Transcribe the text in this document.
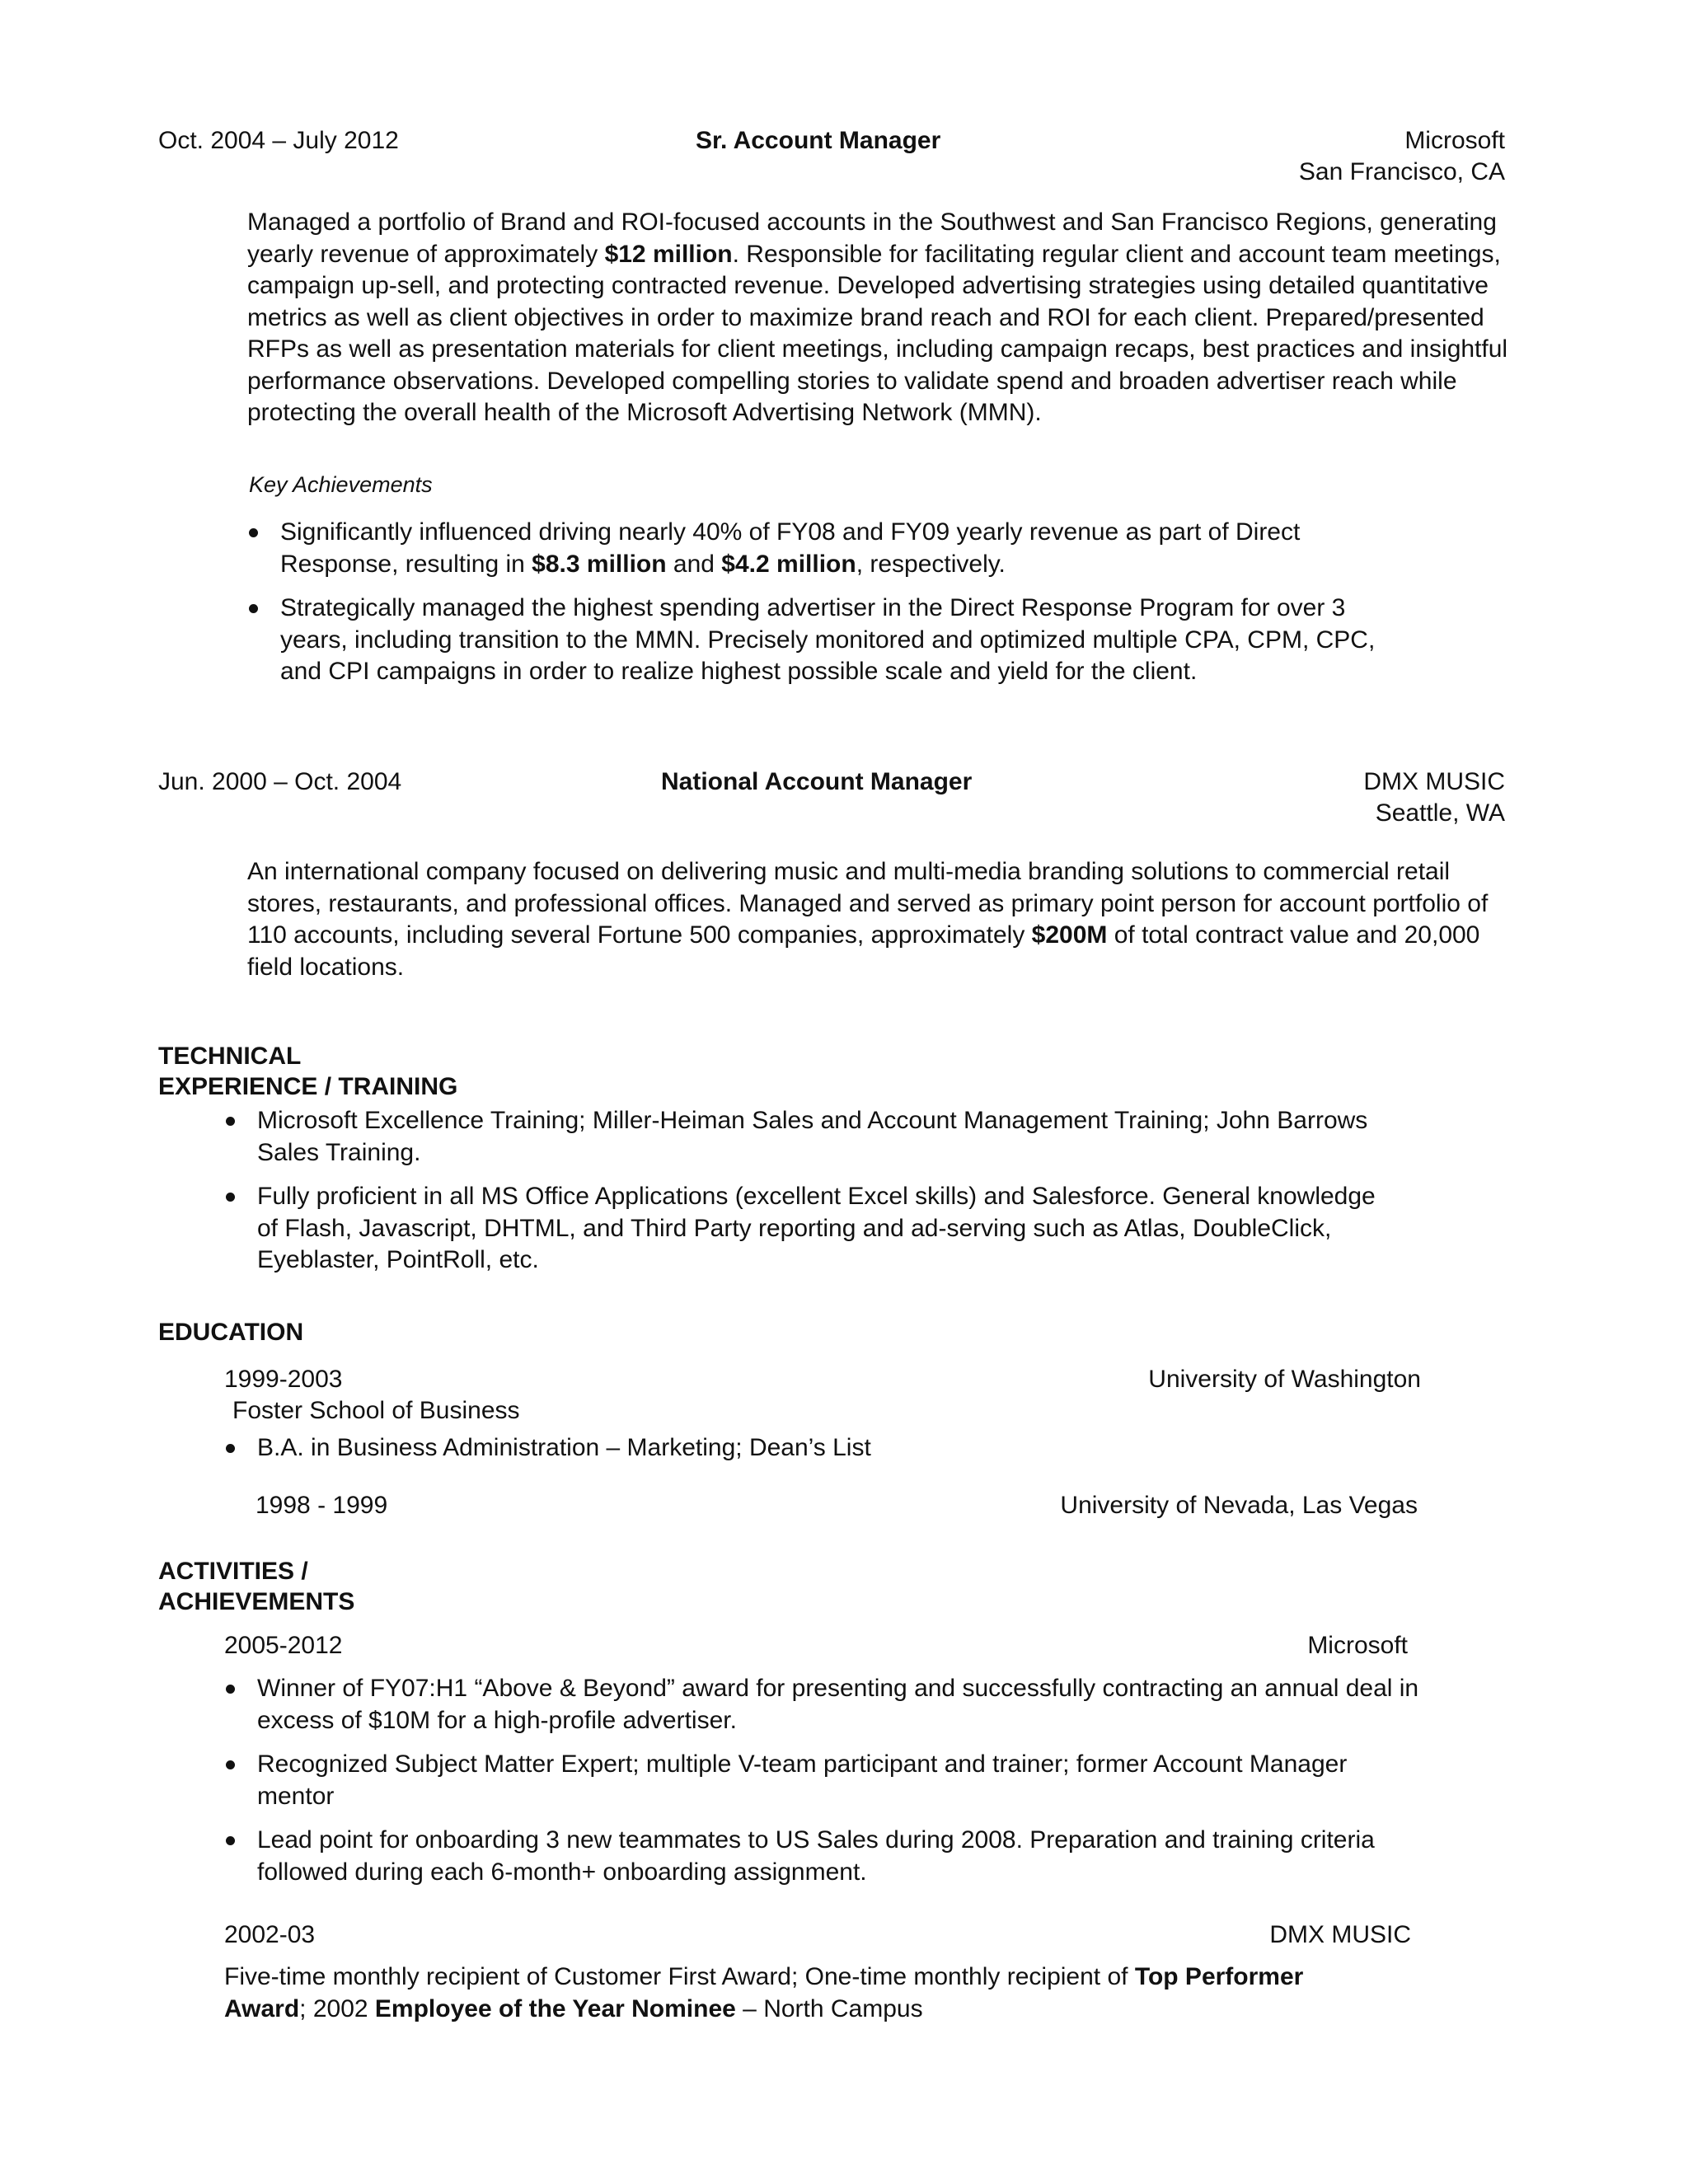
Oct. 2004 – July 2012	Sr. Account Manager	Microsoft
San Francisco, CA
Managed a portfolio of Brand and ROI-focused accounts in the Southwest and San Francisco Regions, generating yearly revenue of approximately $12 million. Responsible for facilitating regular client and account team meetings, campaign up-sell, and protecting contracted revenue. Developed advertising strategies using detailed quantitative metrics as well as client objectives in order to maximize brand reach and ROI for each client. Prepared/presented RFPs as well as presentation materials for client meetings, including campaign recaps, best practices and insightful performance observations. Developed compelling stories to validate spend and broaden advertiser reach while protecting the overall health of the Microsoft Advertising Network (MMN).
Key Achievements
Significantly influenced driving nearly 40% of FY08 and FY09 yearly revenue as part of Direct Response, resulting in $8.3 million and $4.2 million, respectively.
Strategically managed the highest spending advertiser in the Direct Response Program for over 3 years, including transition to the MMN. Precisely monitored and optimized multiple CPA, CPM, CPC, and CPI campaigns in order to realize highest possible scale and yield for the client.
Jun. 2000 – Oct. 2004	National Account Manager	DMX MUSIC
Seattle, WA
An international company focused on delivering music and multi-media branding solutions to commercial retail stores, restaurants, and professional offices. Managed and served as primary point person for account portfolio of 110 accounts, including several Fortune 500 companies, approximately $200M of total contract value and 20,000 field locations.
TECHNICAL
EXPERIENCE / TRAINING
Microsoft Excellence Training; Miller-Heiman Sales and Account Management Training; John Barrows Sales Training.
Fully proficient in all MS Office Applications (excellent Excel skills) and Salesforce. General knowledge of Flash, Javascript, DHTML, and Third Party reporting and ad-serving such as Atlas, DoubleClick, Eyeblaster, PointRoll, etc.
EDUCATION
1999-2003	University of Washington
Foster School of Business
B.A. in Business Administration – Marketing; Dean’s List
1998 - 1999	University of Nevada, Las Vegas
ACTIVITIES /
ACHIEVEMENTS
2005-2012	Microsoft
Winner of FY07:H1 “Above & Beyond” award for presenting and successfully contracting an annual deal in excess of $10M for a high-profile advertiser.
Recognized Subject Matter Expert; multiple V-team participant and trainer; former Account Manager mentor
Lead point for onboarding 3 new teammates to US Sales during 2008. Preparation and training criteria followed during each 6-month+ onboarding assignment.
2002-03	DMX MUSIC
Five-time monthly recipient of Customer First Award; One-time monthly recipient of Top Performer Award; 2002 Employee of the Year Nominee – North Campus
